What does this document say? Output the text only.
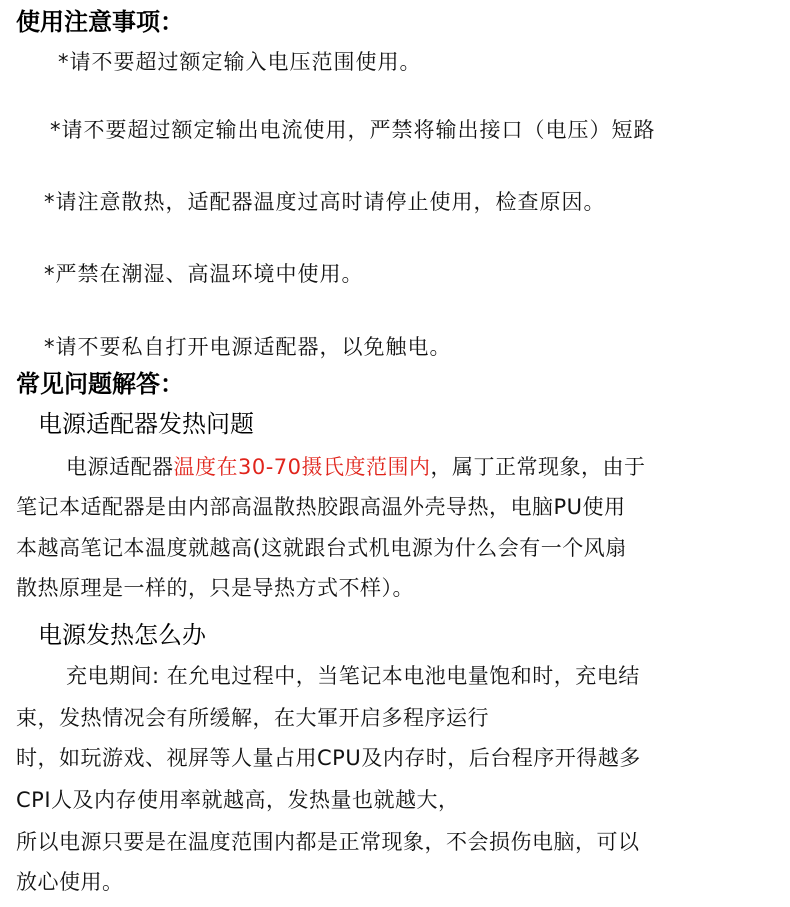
使用注意事项：
*请不要超过额定输入电压范围使用。
*请不要超过额定输出电流使用，严禁将输出接口（电压）短路
*请注意散热，适配器温度过高时请停止使用，检查原因。
*严禁在潮湿、高温环境中使用。
*请不要私自打开电源适配器，以免触电。
常见问题解答：
电源适配器发热问题
电源适配器温度在30-70摄氏度范围内，属丁正常现象，由于
笔记本适配器是由内部高温散热胶跟高温外壳导热，电脑PU使用
本越高笔记本温度就越高(这就跟台式机电源为什么会有一个风扇
散热原理是一样的，只是导热方式不样）。
电源发热怎么办
充电期间: 在允电过程中，当笔记本电池电量饱和时，充电结
束，发热情况会有所缓解，在大軍开启多程序运行
时，如玩游戏、视屏等人量占用CPU及内存时，后台程序开得越多
CPI人及内存使用率就越高，发热量也就越大，
所以电源只要是在温度范围内都是正常现象，不会损伤电脑，可以
放心使用。
